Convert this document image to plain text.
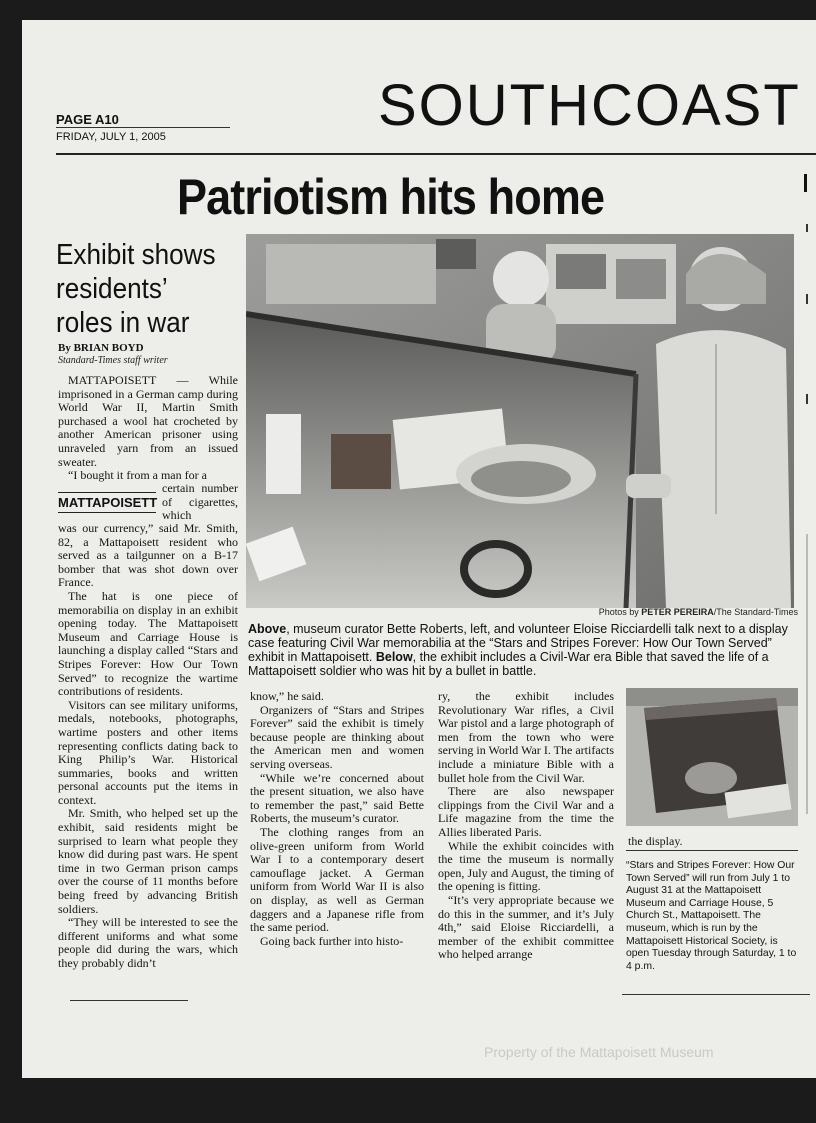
PAGE A10
FRIDAY, JULY 1, 2005	SOUTHCOAST
Patriotism hits home
Exhibit shows residents’ roles in war
By BRIAN BOYD
Standard-Times staff writer

MATTAPOISETT — While imprisoned in a German camp during World War II, Martin Smith purchased a wool hat crocheted by another American prisoner using unraveled yarn from an issued sweater.

“I bought it from a man for a

MATTAPOISETT

certain number of cigarettes, which

was our currency,” said Mr. Smith, 82, a Mattapoisett resident who served as a tailgunner on a B-17 bomber that was shot down over France.

The hat is one piece of memorabilia on display in an exhibit opening today. The Mattapoisett Museum and Carriage House is launching a display called “Stars and Stripes Forever: How Our Town Served” to recognize the wartime contributions of residents.

Visitors can see military uniforms, medals, notebooks, photographs, wartime posters and other items representing conflicts dating back to King Philip’s War. Historical summaries, books and written personal accounts put the items in context.

Mr. Smith, who helped set up the exhibit, said residents might be surprised to learn what people they know did during past wars. He spent time in two German prison camps over the course of 11 months before being freed by advancing British soldiers.

“They will be interested to see the different uniforms and what some people did during the wars, which they probably didn’t

Photos by PETER PEREIRA/The Standard-Times
Above, museum curator Bette Roberts, left, and volunteer Eloise Ricciardelli talk next to a display case featuring Civil War memorabilia at the “Stars and Stripes Forever: How Our Town Served” exhibit in Mattapoisett. Below, the exhibit includes a Civil-War era Bible that saved the life of a Mattapoisett soldier who was hit by a bullet in battle.

know,” he said.

Organizers of “Stars and Stripes Forever” said the exhibit is timely because people are thinking about the American men and women serving overseas.

“While we’re concerned about the present situation, we also have to remember the past,” said Bette Roberts, the museum’s curator.

The clothing ranges from an olive-green uniform from World War I to a contemporary desert camouflage jacket. A German uniform from World War II is also on display, as well as German daggers and a Japanese rifle from the same period.

Going back further into histo-

ry, the exhibit includes Revolutionary War rifles, a Civil War pistol and a large photograph of men from the town who were serving in World War I. The artifacts include a miniature Bible with a bullet hole from the Civil War.

There are also newspaper clippings from the Civil War and a Life magazine from the time the Allies liberated Paris.

While the exhibit coincides with the time the museum is normally open, July and August, the timing of the opening is fitting.

“It’s very appropriate because we do this in the summer, and it’s July 4th,” said Eloise Ricciardelli, a member of the exhibit committee who helped arrange

the display.
“Stars and Stripes Forever: How Our Town Served” will run from July 1 to August 31 at the Mattapoisett Museum and Carriage House, 5 Church St., Mattapoisett. The museum, which is run by the Mattapoisett Historical Society, is open Tuesday through Saturday, 1 to 4 p.m.
Property of the Mattapoisett Museum
